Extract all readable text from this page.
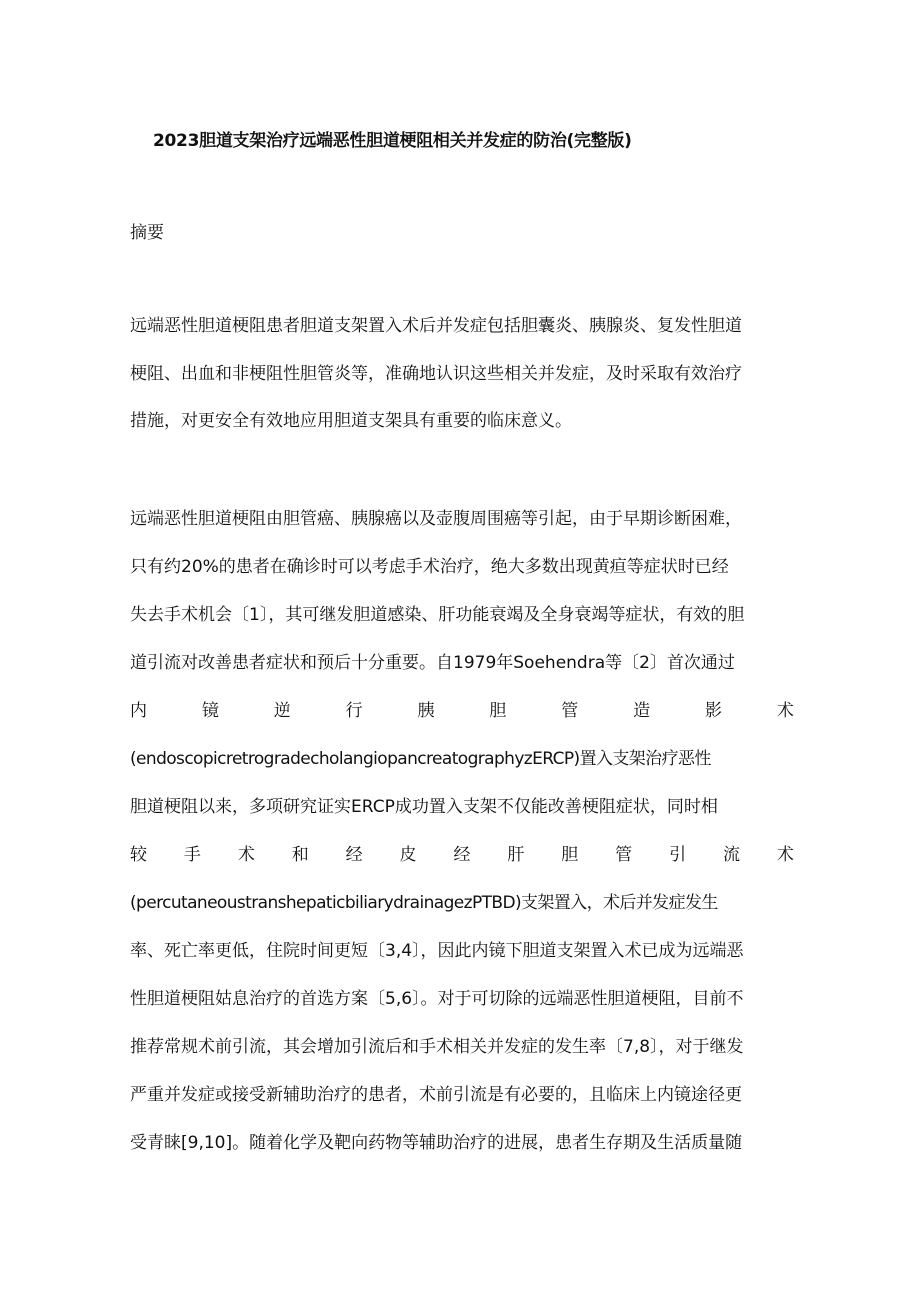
2023胆道支架治疗远端恶性胆道梗阻相关并发症的防治(完整版)

摘要

远端恶性胆道梗阻患者胆道支架置入术后并发症包括胆囊炎、胰腺炎、复发性胆道

梗阻、出血和非梗阻性胆管炎等，准确地认识这些相关并发症，及时采取有效治疗

措施，对更安全有效地应用胆道支架具有重要的临床意义。

远端恶性胆道梗阻由胆管癌、胰腺癌以及壶腹周围癌等引起，由于早期诊断困难，

只有约20%的患者在确诊时可以考虑手术治疗，绝大多数出现黄疸等症状时已经

失去手术机会〔1〕，其可继发胆道感染、肝功能衰竭及全身衰竭等症状，有效的胆

道引流对改善患者症状和预后十分重要。自1979年Soehendra等〔2〕首次通过

内	镜	逆	行	胰	胆	管	造	影	术

(endoscopicretrogradecholangiopancreatographyzERCP)置入支架治疗恶性

胆道梗阻以来，多项研究证实ERCP成功置入支架不仅能改善梗阻症状，同时相

较 手 术 和 经 皮 经 肝 胆 管 引 流 术

(percutaneoustranshepaticbiliarydrainagezPTBD)支架置入，术后并发症发生

率、死亡率更低，住院时间更短〔3,4〕，因此内镜下胆道支架置入术已成为远端恶

性胆道梗阻姑息治疗的首选方案〔5,6〕。对于可切除的远端恶性胆道梗阻，目前不

推荐常规术前引流，其会增加引流后和手术相关并发症的发生率〔7,8〕，对于继发

严重并发症或接受新辅助治疗的患者，术前引流是有必要的，且临床上内镜途径更

受青睐[9,10]。随着化学及靶向药物等辅助治疗的进展，患者生存期及生活质量随
